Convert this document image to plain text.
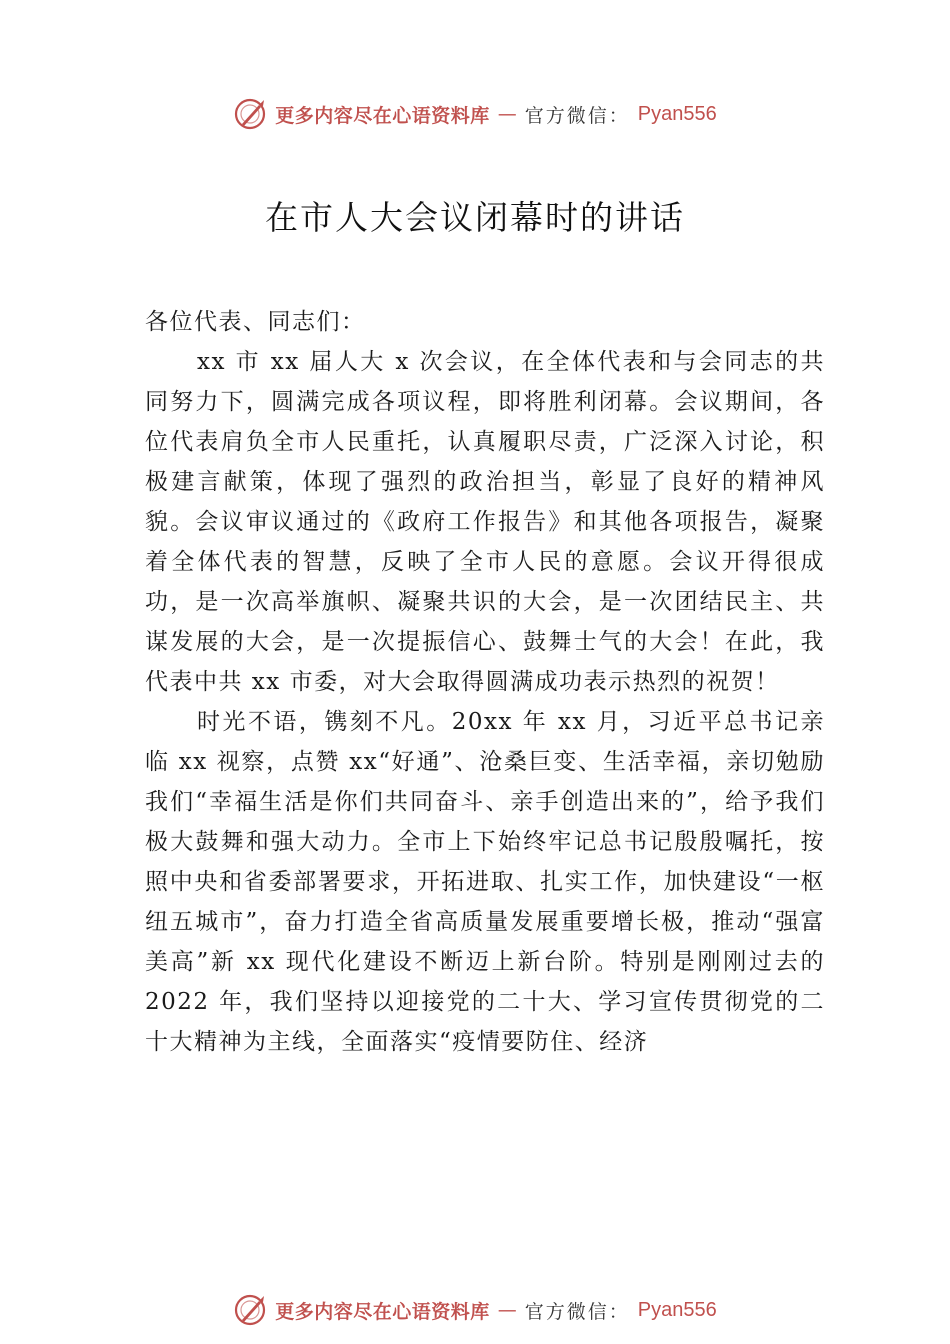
更多内容尽在心语资料库 — 官方微信： Pyan556
在市人大会议闭幕时的讲话

各位代表、同志们：

xx 市 xx 届人大 x 次会议，在全体代表和与会同志的共同努力下，圆满完成各项议程，即将胜利闭幕。会议期间，各位代表肩负全市人民重托，认真履职尽责，广泛深入讨论，积极建言献策，体现了强烈的政治担当，彰显了良好的精神风貌。会议审议通过的《政府工作报告》和其他各项报告，凝聚着全体代表的智慧，反映了全市人民的意愿。会议开得很成功，是一次高举旗帜、凝聚共识的大会，是一次团结民主、共谋发展的大会，是一次提振信心、鼓舞士气的大会！在此，我代表中共 xx 市委，对大会取得圆满成功表示热烈的祝贺！

时光不语，镌刻不凡。20xx 年 xx 月，习近平总书记亲临 xx 视察，点赞 xx“好通”、沧桑巨变、生活幸福，亲切勉励我们“幸福生活是你们共同奋斗、亲手创造出来的”，给予我们极大鼓舞和强大动力。全市上下始终牢记总书记殷殷嘱托，按照中央和省委部署要求，开拓进取、扎实工作，加快建设“一枢纽五城市”，奋力打造全省高质量发展重要增长极，推动“强富美高”新 xx 现代化建设不断迈上新台阶。特别是刚刚过去的 2022 年，我们坚持以迎接党的二十大、学习宣传贯彻党的二十大精神为主线，全面落实“疫情要防住、经济

更多内容尽在心语资料库 — 官方微信： Pyan556
